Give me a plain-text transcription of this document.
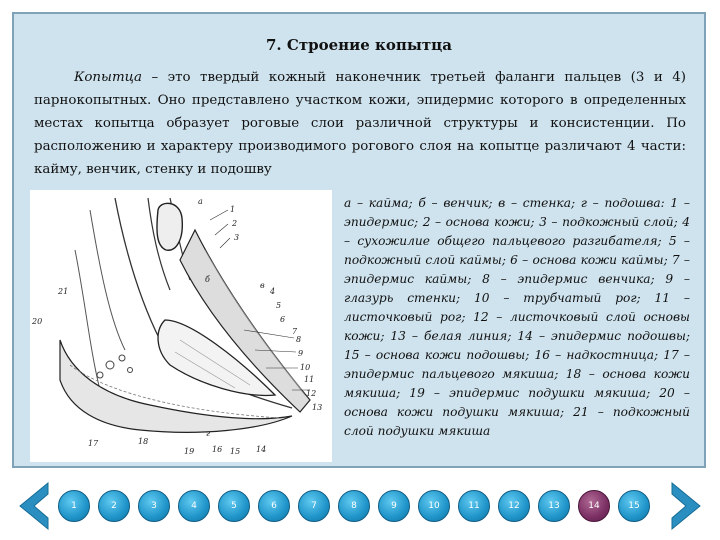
7. Строение копытца

Копытца – это твердый кожный наконечник третьей фаланги пальцев (3 и 4) парнокопытных. Оно представлено участком кожи, эпидермис которого в определенных местах копытца образует роговые слои различной структуры и консистенции. По расположению и характеру производимого рогового слоя на копытце различают 4 части: кайму, венчик, стенку и подошву

1
2
3
4
5
6
7
8
9
10
11
12
13
21
20
17	18
19 16 15 14
а
б
в
г

а – кайма; б – венчик; в – стенка; г – подошва: 1 – эпидермис; 2 – основа кожи; 3 – подкожный слой; 4 – сухожилие общего пальцевого разгибателя; 5 – подкожный слой каймы; 6 – основа кожи каймы; 7 – эпидермис каймы; 8 – эпидермис венчика; 9 – глазурь стенки; 10 – трубчатый рог; 11 – листочковый рог; 12 – листочковый слой основы кожи; 13 – белая линия; 14 – эпидермис подошвы; 15 – основа кожи подошвы; 16 – надкостница; 17 – эпидермис пальцевого мякиша; 18 – основа кожи мякиша; 19 – эпидермис подушки мякиша; 20 – основа кожи подушки мякиша; 21 – подкожный слой подушки мякиша

1	2	3	4	5	6	7	8	9	10	11	12	13	14	15
